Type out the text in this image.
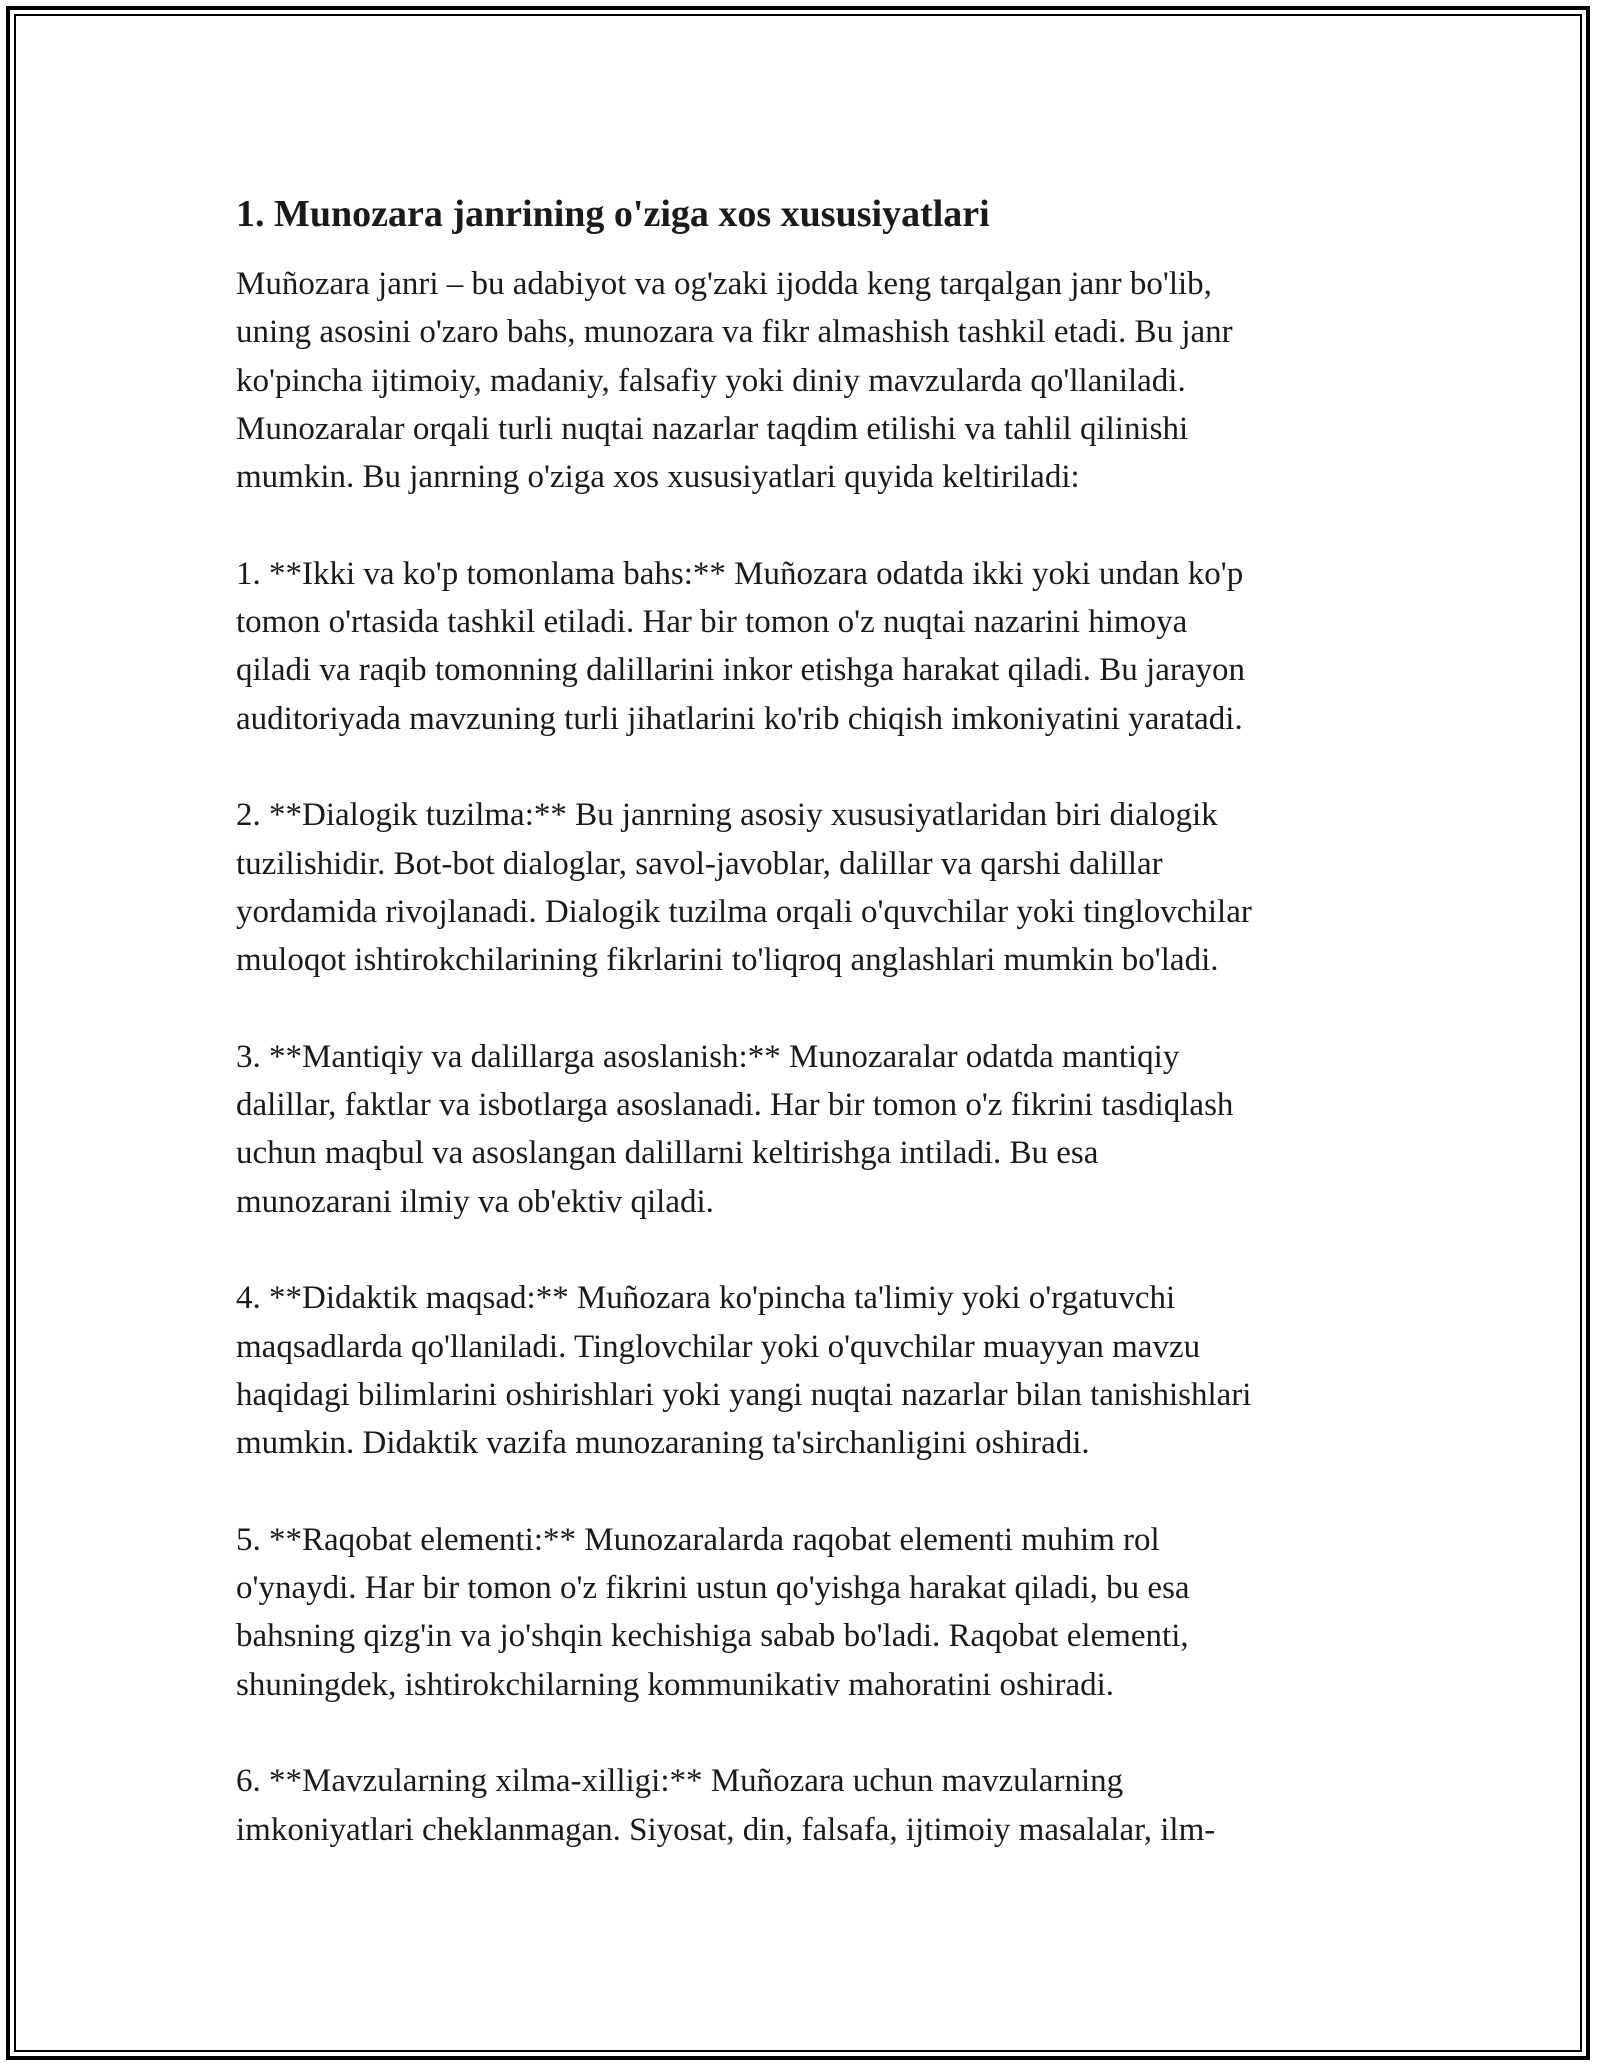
1. Munozara janrining o'ziga xos xususiyatlari

Muñozara janri – bu adabiyot va og'zaki ijodda keng tarqalgan janr bo'lib,
uning asosini o'zaro bahs, munozara va fikr almashish tashkil etadi. Bu janr
ko'pincha ijtimoiy, madaniy, falsafiy yoki diniy mavzularda qo'llaniladi.
Munozaralar orqali turli nuqtai nazarlar taqdim etilishi va tahlil qilinishi
mumkin. Bu janrning o'ziga xos xususiyatlari quyida keltiriladi:

1. **Ikki va ko'p tomonlama bahs:** Muñozara odatda ikki yoki undan ko'p
tomon o'rtasida tashkil etiladi. Har bir tomon o'z nuqtai nazarini himoya
qiladi va raqib tomonning dalillarini inkor etishga harakat qiladi. Bu jarayon
auditoriyada mavzuning turli jihatlarini ko'rib chiqish imkoniyatini yaratadi.

2. **Dialogik tuzilma:** Bu janrning asosiy xususiyatlaridan biri dialogik
tuzilishidir. Bot-bot dialoglar, savol-javoblar, dalillar va qarshi dalillar
yordamida rivojlanadi. Dialogik tuzilma orqali o'quvchilar yoki tinglovchilar
muloqot ishtirokchilarining fikrlarini to'liqroq anglashlari mumkin bo'ladi.

3. **Mantiqiy va dalillarga asoslanish:** Munozaralar odatda mantiqiy
dalillar, faktlar va isbotlarga asoslanadi. Har bir tomon o'z fikrini tasdiqlash
uchun maqbul va asoslangan dalillarni keltirishga intiladi. Bu esa
munozarani ilmiy va ob'ektiv qiladi.

4. **Didaktik maqsad:** Muñozara ko'pincha ta'limiy yoki o'rgatuvchi
maqsadlarda qo'llaniladi. Tinglovchilar yoki o'quvchilar muayyan mavzu
haqidagi bilimlarini oshirishlari yoki yangi nuqtai nazarlar bilan tanishishlari
mumkin. Didaktik vazifa munozaraning ta'sirchanligini oshiradi.

5. **Raqobat elementi:** Munozaralarda raqobat elementi muhim rol
o'ynaydi. Har bir tomon o'z fikrini ustun qo'yishga harakat qiladi, bu esa
bahsning qizg'in va jo'shqin kechishiga sabab bo'ladi. Raqobat elementi,
shuningdek, ishtirokchilarning kommunikativ mahoratini oshiradi.

6. **Mavzularning xilma-xilligi:** Muñozara uchun mavzularning
imkoniyatlari cheklanmagan. Siyosat, din, falsafa, ijtimoiy masalalar, ilm-
